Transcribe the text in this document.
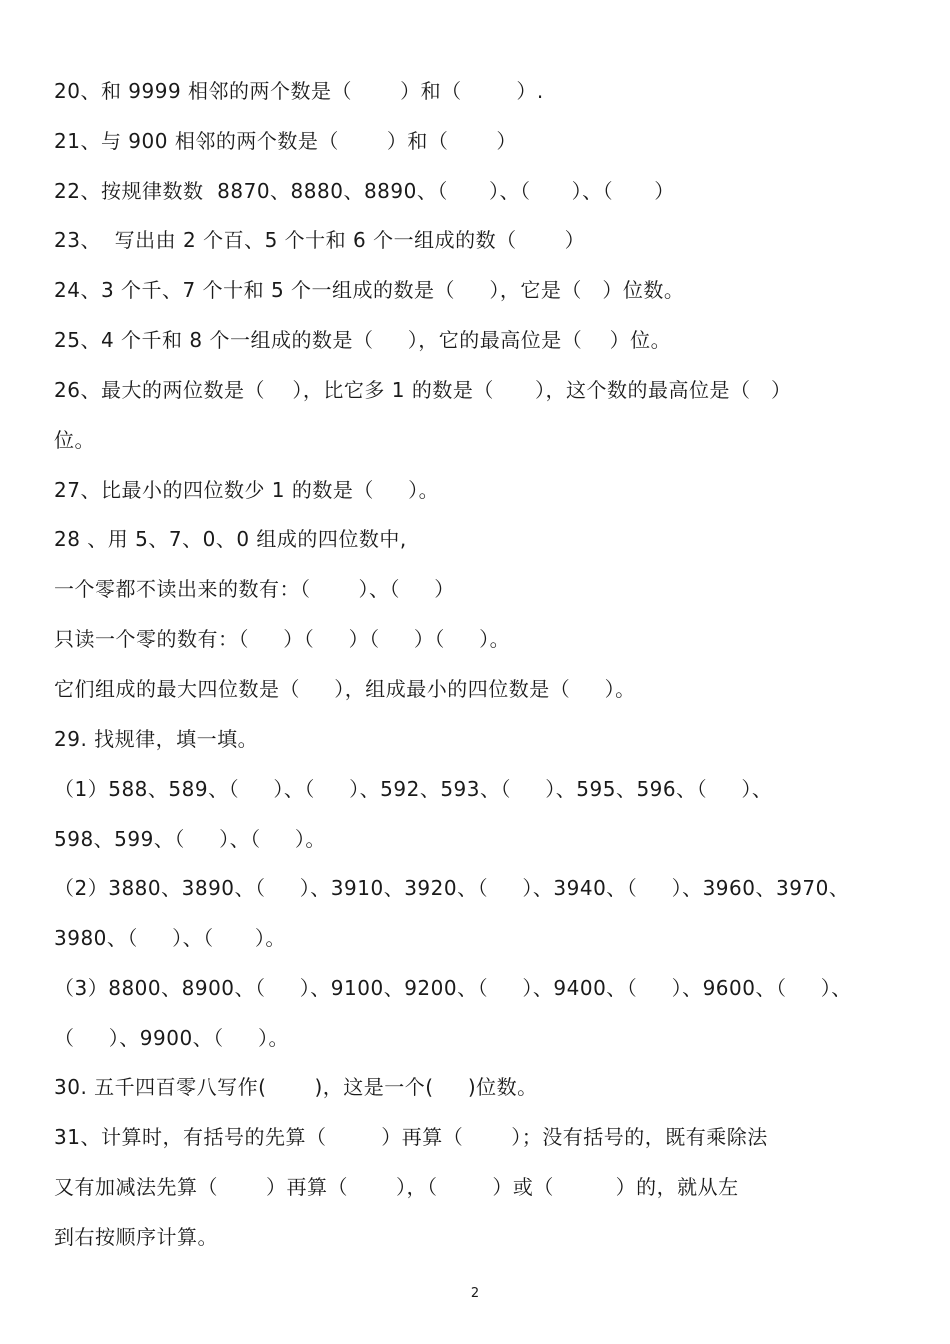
20、和 9999 相邻的两个数是（       ）和（        ）.
21、与 900 相邻的两个数是（       ）和（       ）
22、按规律数数  8870、8880、8890、（      ）、（      ）、（      ）
23、  写出由 2 个百、5 个十和 6 个一组成的数（       ）
24、3 个千、7 个十和 5 个一组成的数是（     ），它是（   ）位数。
25、4 个千和 8 个一组成的数是（     ），它的最高位是（    ）位。
26、最大的两位数是（    ），比它多 1 的数是（      ），这个数的最高位是（   ）
位。
27、比最小的四位数少 1 的数是（     ）。
28 、用 5、7、0、0 组成的四位数中,
一个零都不读出来的数有：（       ）、（     ）
只读一个零的数有：（     ）（     ）（     ）（     ）。
它们组成的最大四位数是（     ），组成最小的四位数是（     ）。
29. 找规律，填一填。
（1）588、589、（     ）、（     ）、592、593、（     ）、595、596、（     ）、
598、599、（     ）、（     ）。
（2）3880、3890、（     ）、3910、3920、（     ）、3940、（     ）、3960、3970、
3980、（     ）、（      ）。
（3）8800、8900、（     ）、9100、9200、（     ）、9400、（     ）、9600、（     ）、
（     ）、9900、（     ）。
30. 五千四百零八写作(       )，这是一个(     )位数。
31、计算时，有括号的先算（        ）再算（       ）；没有括号的，既有乘除法
又有加减法先算（       ）再算（       ），（        ）或（         ）的，就从左
到右按顺序计算。
2
